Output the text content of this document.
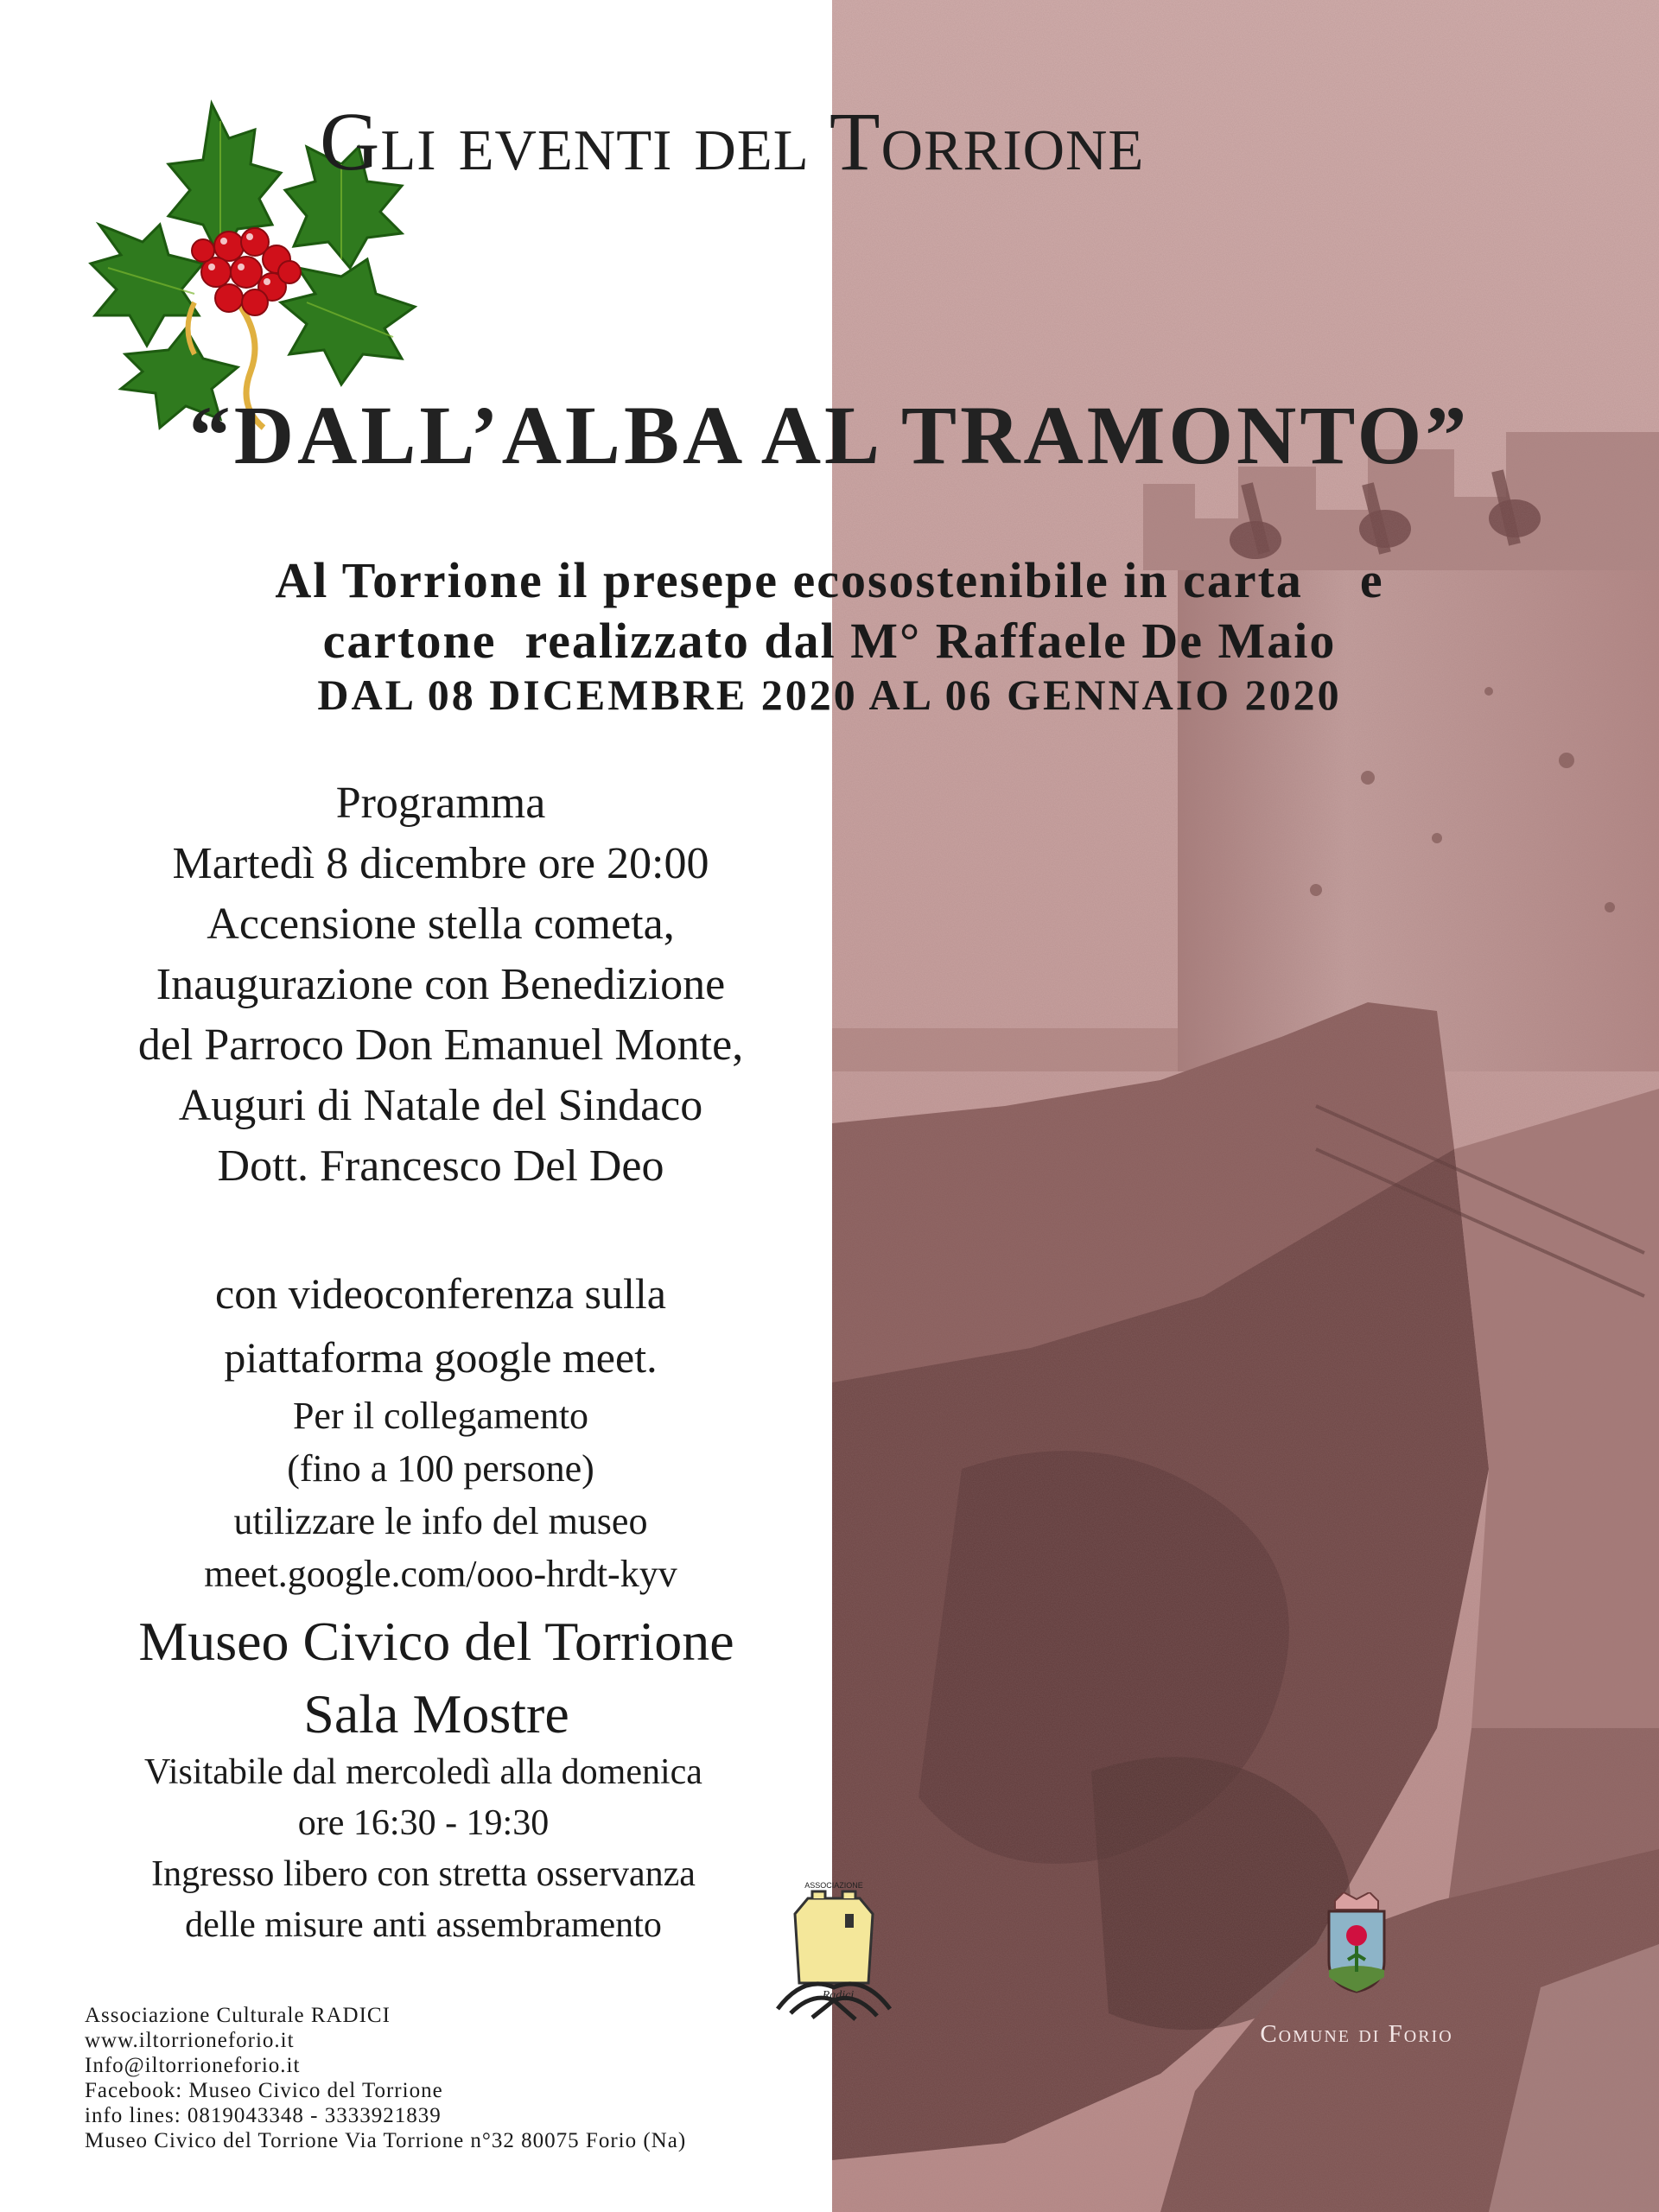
Gli eventi del Torrione
“DALL’ALBA AL TRAMONTO”
Al Torrione il presepe ecosostenibile in carta    e
cartone  realizzato dal M° Raffaele De Maio
DAL 08 DICEMBRE 2020 AL 06 GENNAIO 2020
Programma
Martedì 8 dicembre ore 20:00
Accensione stella cometa,
Inaugurazione con Benedizione
del Parroco Don Emanuel Monte,
Auguri di Natale del Sindaco
Dott. Francesco Del Deo
con videoconferenza sulla
piattaforma google meet.
Per il collegamento
(fino a 100 persone)
utilizzare le info del museo
meet.google.com/ooo-hrdt-kyv
Museo Civico del Torrione
Sala Mostre
Visitabile dal mercoledì alla domenica
ore 16:30 - 19:30
Ingresso libero con stretta osservanza
delle misure anti assembramento
ASSOCIAZIONE
Radici
Comune di Forio
Associazione Culturale RADICI
www.iltorrioneforio.it
Info@iltorrioneforio.it
Facebook: Museo Civico del Torrione
info lines: 0819043348 - 3333921839
Museo Civico del Torrione Via Torrione n°32 80075 Forio (Na)
